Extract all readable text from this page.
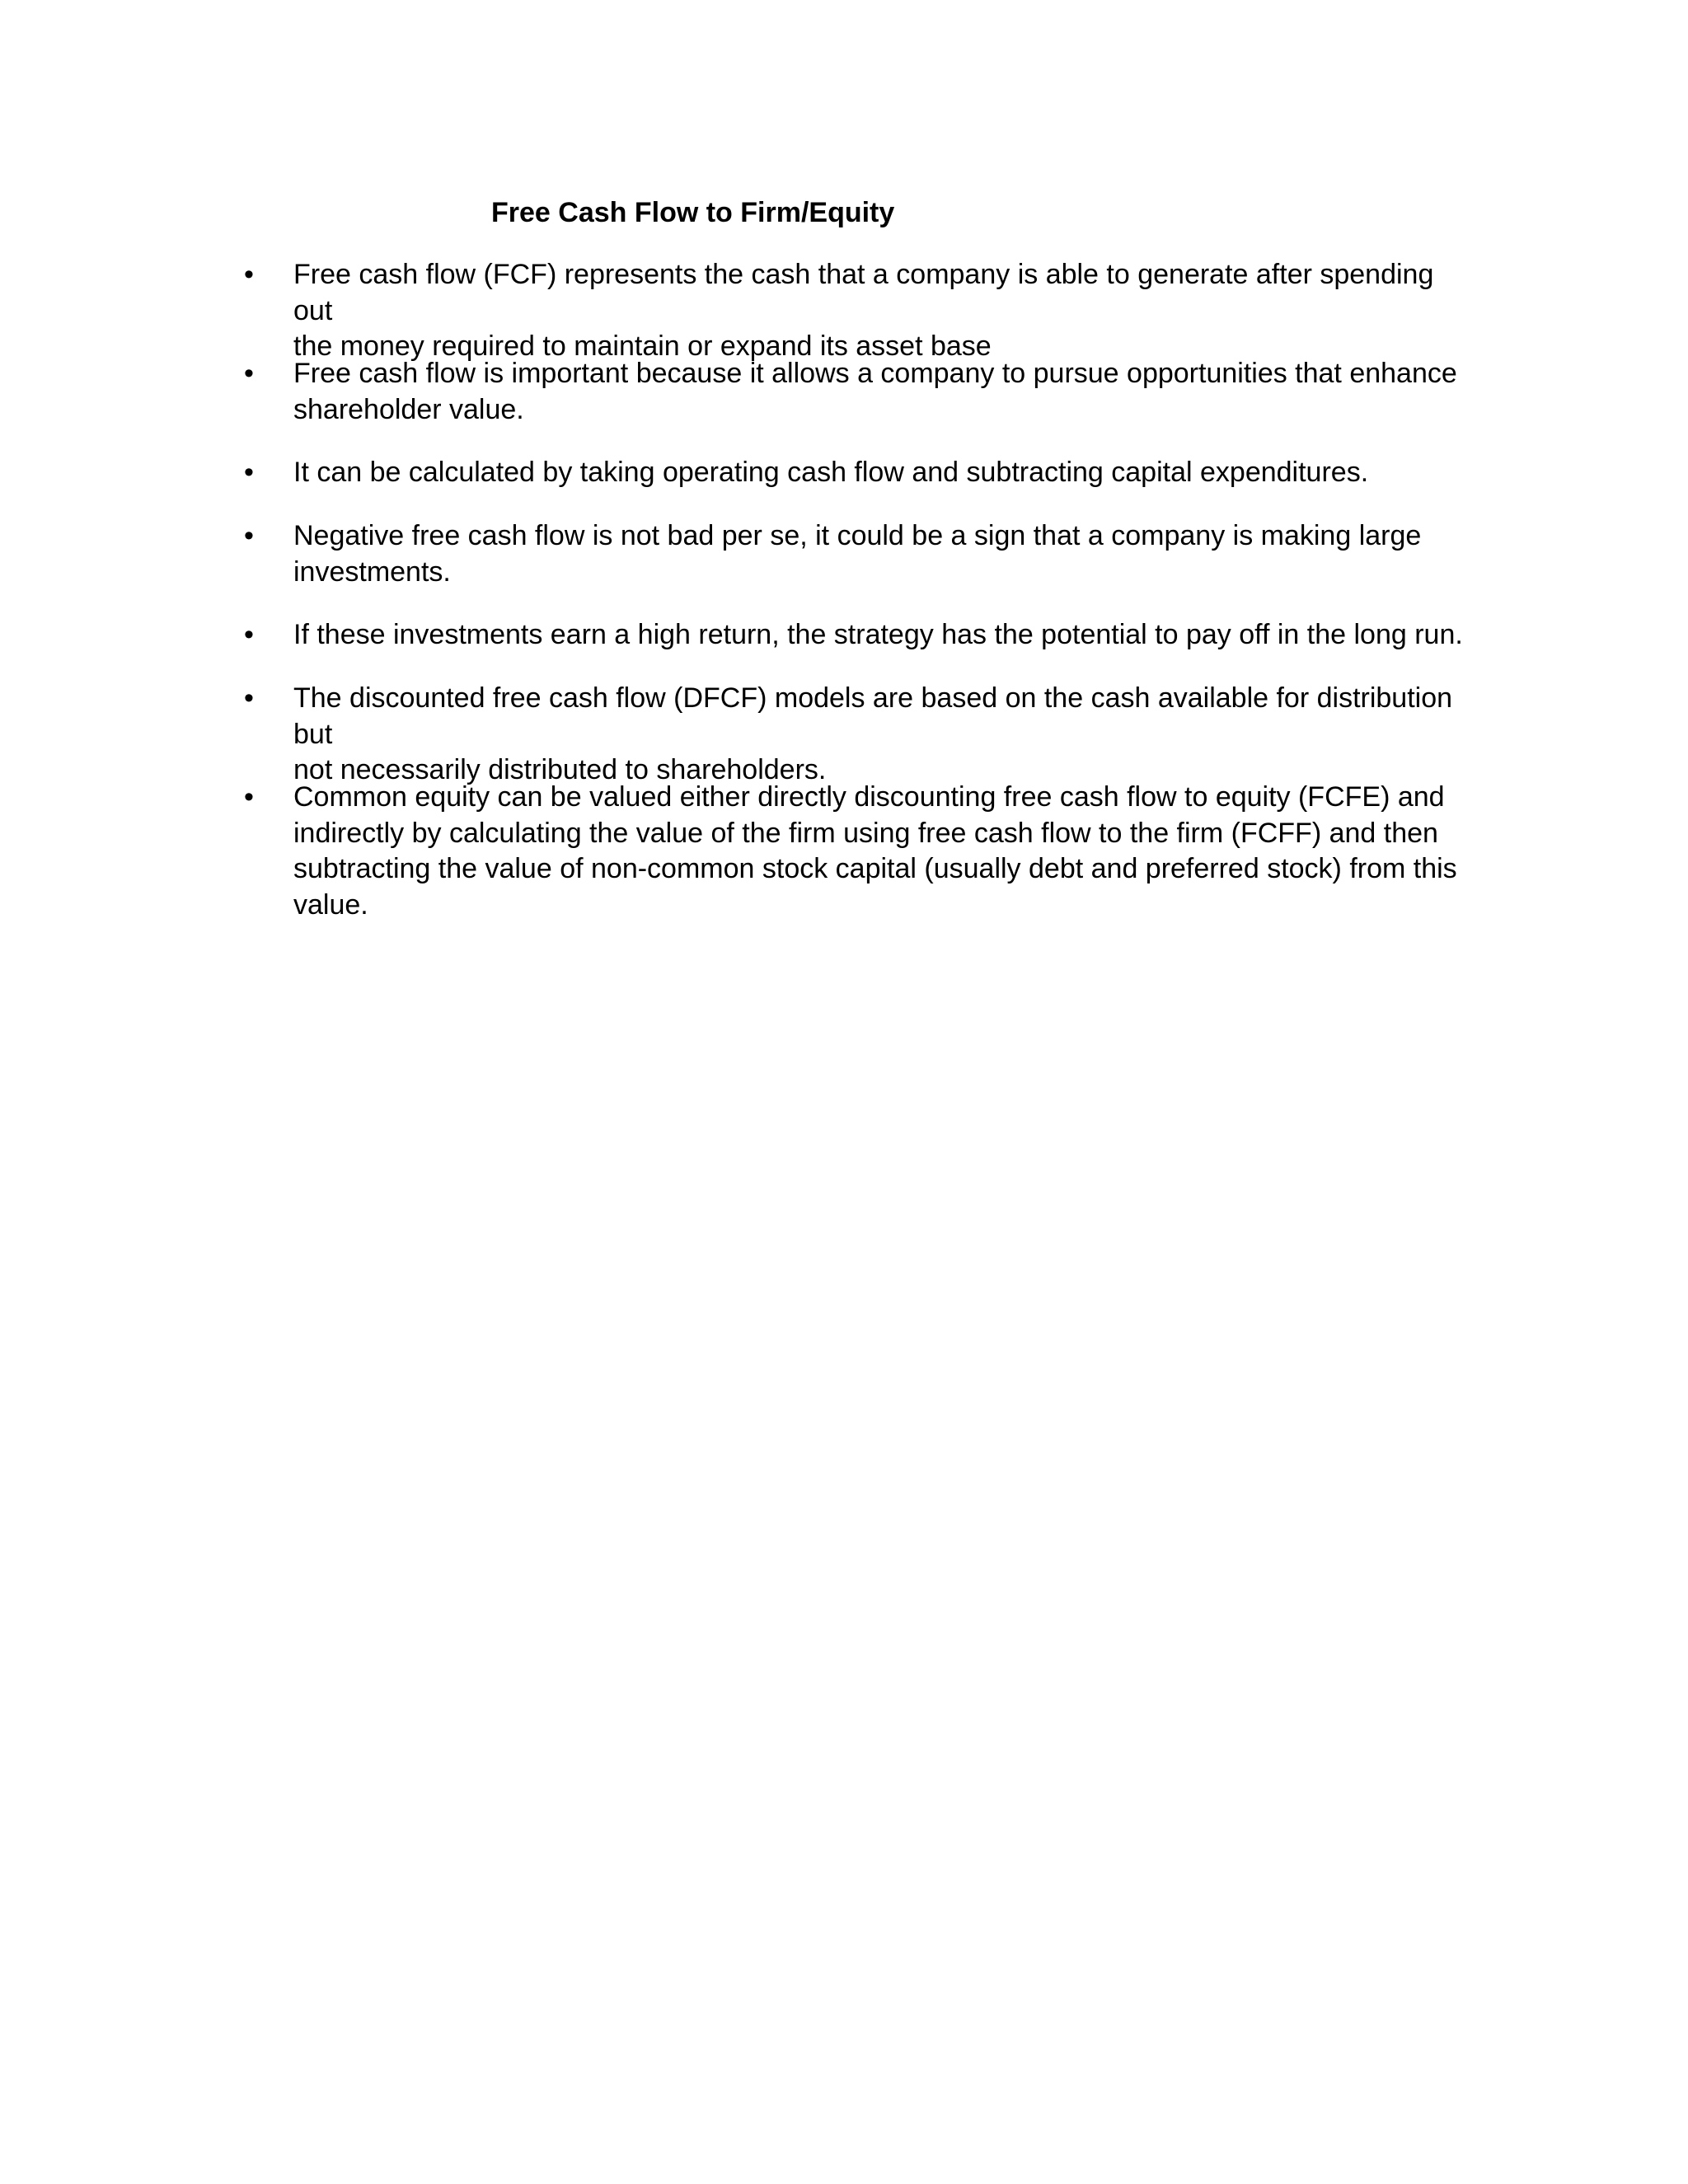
Free Cash Flow to Firm/Equity
• Free cash flow (FCF) represents the cash that a company is able to generate after spending out
the money required to maintain or expand its asset base
• Free cash flow is important because it allows a company to pursue opportunities that enhance
shareholder value.
• It can be calculated by taking operating cash flow and subtracting capital expenditures.
• Negative free cash flow is not bad per se, it could be a sign that a company is making large
investments.
• If these investments earn a high return, the strategy has the potential to pay off in the long run.
• The discounted free cash flow (DFCF) models are based on the cash available for distribution but
not necessarily distributed to shareholders.
• Common equity can be valued either directly discounting free cash flow to equity (FCFE) and
indirectly by calculating the value of the firm using free cash flow to the firm (FCFF) and then
subtracting the value of non-common stock capital (usually debt and preferred stock) from this
value.
